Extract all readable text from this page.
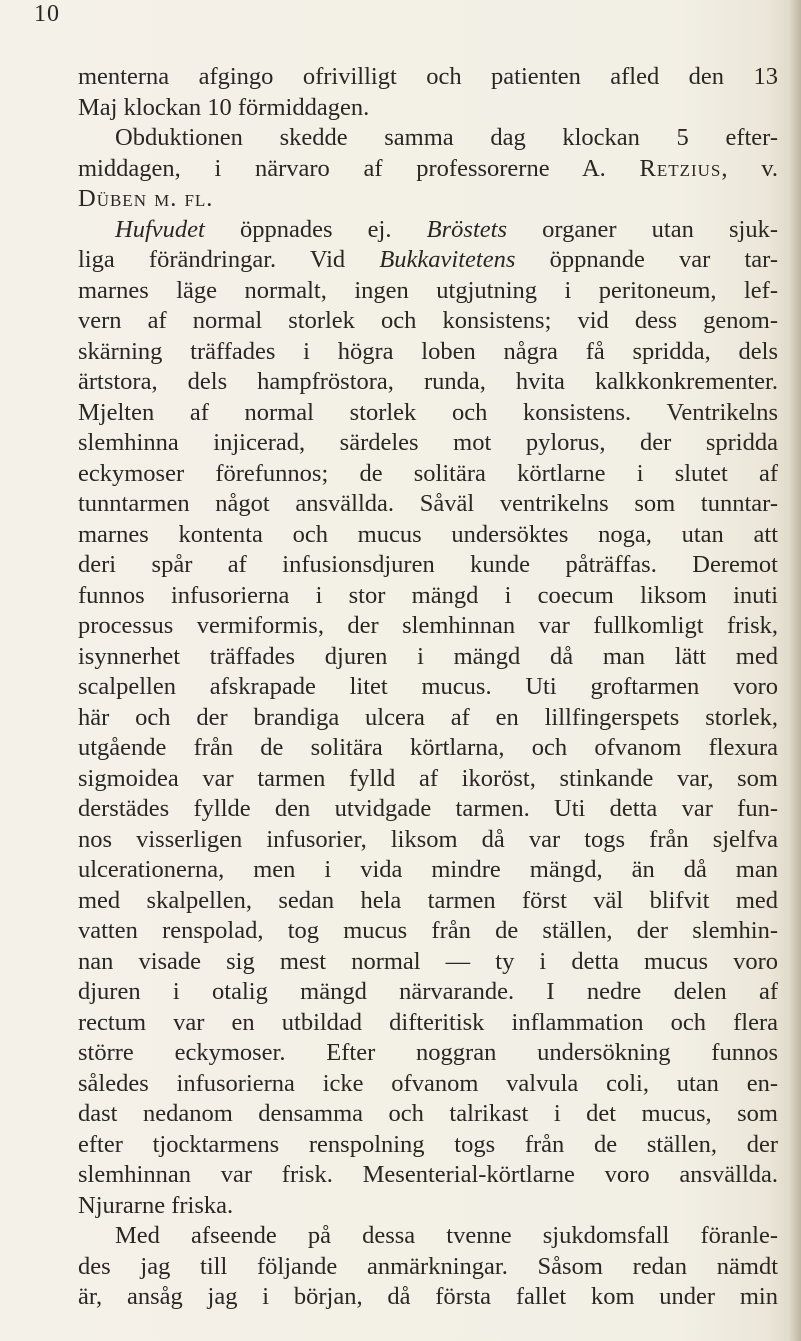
10
menterna afgingo ofrivilligt och patienten afled den 13
Maj klockan 10 förmiddagen.
Obduktionen skedde samma dag klockan 5 efter-
middagen, i närvaro af professorerne A. Retzius, v.
Düben m. fl.
Hufvudet öppnades ej. Bröstets organer utan sjuk-
liga förändringar. Vid Bukkavitetens öppnande var tar-
marnes läge normalt, ingen utgjutning i peritoneum, lef-
vern af normal storlek och konsistens; vid dess genom-
skärning träffades i högra loben några få spridda, dels
ärtstora, dels hampfröstora, runda, hvita kalkkonkrementer.
Mjelten af normal storlek och konsistens. Ventrikelns
slemhinna injicerad, särdeles mot pylorus, der spridda
eckymoser förefunnos; de solitära körtlarne i slutet af
tunntarmen något ansvällda. Såväl ventrikelns som tunntar-
marnes kontenta och mucus undersöktes noga, utan att
deri spår af infusionsdjuren kunde påträffas. Deremot
funnos infusorierna i stor mängd i coecum liksom inuti
processus vermiformis, der slemhinnan var fullkomligt frisk,
isynnerhet träffades djuren i mängd då man lätt med
scalpellen afskrapade litet mucus. Uti groftarmen voro
här och der brandiga ulcera af en lillfingerspets storlek,
utgående från de solitära körtlarna, och ofvanom flexura
sigmoidea var tarmen fylld af ikoröst, stinkande var, som
derstädes fyllde den utvidgade tarmen. Uti detta var fun-
nos visserligen infusorier, liksom då var togs från sjelfva
ulcerationerna, men i vida mindre mängd, än då man
med skalpellen, sedan hela tarmen först väl blifvit med
vatten renspolad, tog mucus från de ställen, der slemhin-
nan visade sig mest normal — ty i detta mucus voro
djuren i otalig mängd närvarande. I nedre delen af
rectum var en utbildad difteritisk inflammation och flera
större eckymoser. Efter noggran undersökning funnos
således infusorierna icke ofvanom valvula coli, utan en-
dast nedanom densamma och talrikast i det mucus, som
efter tjocktarmens renspolning togs från de ställen, der
slemhinnan var frisk. Mesenterial-körtlarne voro ansvällda.
Njurarne friska.
Med afseende på dessa tvenne sjukdomsfall föranle-
des jag till följande anmärkningar. Såsom redan nämdt
är, ansåg jag i början, då första fallet kom under min
